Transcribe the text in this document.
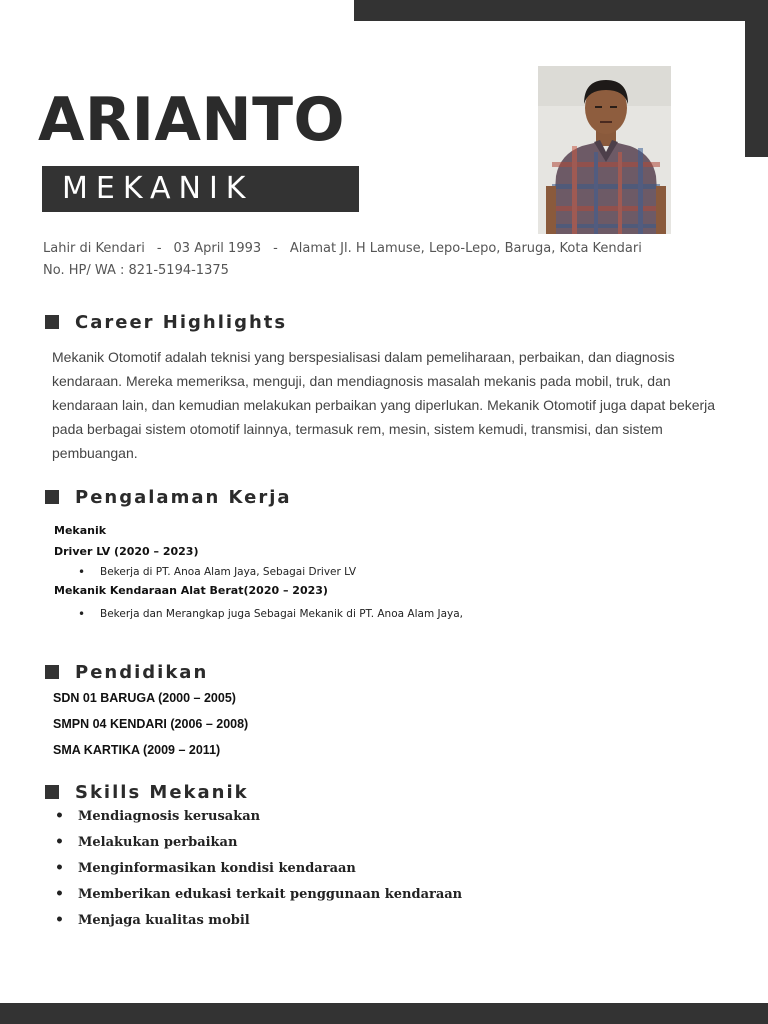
ARIANTO
MEKANIK
Lahir di Kendari - 03 April 1993 - Alamat Jl. H Lamuse, Lepo-Lepo, Baruga, Kota Kendari
No. HP/ WA : 821-5194-1375
Career Highlights
Mekanik Otomotif adalah teknisi yang berspesialisasi dalam pemeliharaan, perbaikan, dan diagnosis
kendaraan. Mereka memeriksa, menguji, dan mendiagnosis masalah mekanis pada mobil, truk, dan
kendaraan lain, dan kemudian melakukan perbaikan yang diperlukan. Mekanik Otomotif juga dapat bekerja
pada berbagai sistem otomotif lainnya, termasuk rem, mesin, sistem kemudi, transmisi, dan sistem
pembuangan.
Pengalaman Kerja
Mekanik
Driver LV (2020 – 2023)
• Bekerja di PT. Anoa Alam Jaya, Sebagai Driver LV
Mekanik Kendaraan Alat Berat(2020 – 2023)
• Bekerja dan Merangkap juga Sebagai Mekanik di PT. Anoa Alam Jaya,
Pendidikan
SDN 01 BARUGA (2000 – 2005)
SMPN 04 KENDARI (2006 – 2008)
SMA KARTIKA (2009 – 2011)
Skills Mekanik
• Mendiagnosis kerusakan
• Melakukan perbaikan
• Menginformasikan kondisi kendaraan
• Memberikan edukasi terkait penggunaan kendaraan
• Menjaga kualitas mobil
